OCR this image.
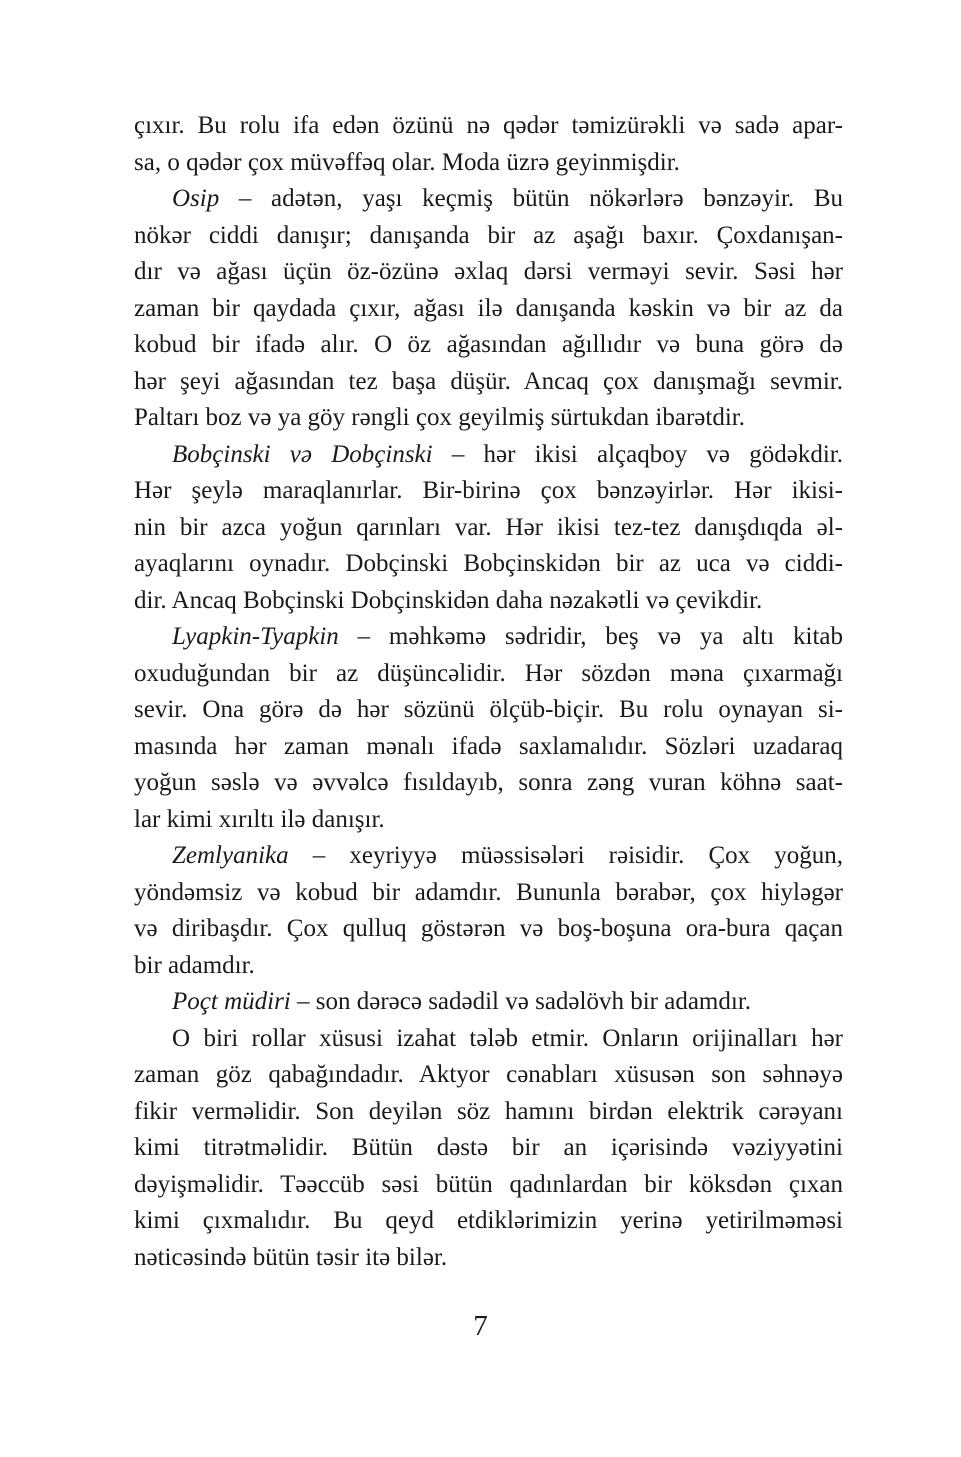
çıxır. Bu rolu ifa edən özünü nə qədər təmizürəkli və sadə apar-
sa, o qədər çox müvəffəq olar. Moda üzrə geyinmişdir.
Osip – adətən, yaşı keçmiş bütün nökərlərə bənzəyir. Bu
nökər ciddi danışır; danışanda bir az aşağı baxır. Çoxdanışan-
dır və ağası üçün öz-özünə əxlaq dərsi verməyi sevir. Səsi hər
zaman bir qaydada çıxır, ağası ilə danışanda kəskin və bir az da
kobud bir ifadə alır. O öz ağasından ağıllıdır və buna görə də
hər şeyi ağasından tez başa düşür. Ancaq çox danışmağı sevmir.
Paltarı boz və ya göy rəngli çox geyilmiş sürtukdan ibarətdir.
Bobçinski və Dobçinski – hər ikisi alçaqboy və gödəkdir.
Hər şeylə maraqlanırlar. Bir-birinə çox bənzəyirlər. Hər ikisi-
nin bir azca yoğun qarınları var. Hər ikisi tez-tez danışdıqda əl-
ayaqlarını oynadır. Dobçinski Bobçinskidən bir az uca və ciddi-
dir. Ancaq Bobçinski Dobçinskidən daha nəzakətli və çevikdir.
Lyapkin-Tyapkin – məhkəmə sədridir, beş və ya altı kitab
oxuduğundan bir az düşüncəlidir. Hər sözdən məna çıxarmağı
sevir. Ona görə də hər sözünü ölçüb-biçir. Bu rolu oynayan si-
masında hər zaman mənalı ifadə saxlamalıdır. Sözləri uzadaraq
yoğun səslə və əvvəlcə fısıldayıb, sonra zəng vuran köhnə saat-
lar kimi xırıltı ilə danışır.
Zemlyanika – xeyriyyə müəssisələri rəisidir. Çox yoğun,
yöndəmsiz və kobud bir adamdır. Bununla bərabər, çox hiyləgər
və diribaşdır. Çox qulluq göstərən və boş-boşuna ora-bura qaçan
bir adamdır.
Poçt müdiri – son dərəcə sadədil və sadəlövh bir adamdır.
O biri rollar xüsusi izahat tələb etmir. Onların orijinalları hər
zaman göz qabağındadır. Aktyor cənabları xüsusən son səhnəyə
fikir verməlidir. Son deyilən söz hamını birdən elektrik cərəyanı
kimi titrətməlidir. Bütün dəstə bir an içərisində vəziyyətini
dəyişməlidir. Təəccüb səsi bütün qadınlardan bir köksdən çıxan
kimi çıxmalıdır. Bu qeyd etdiklərimizin yerinə yetirilməməsi
nəticəsində bütün təsir itə bilər.
7
